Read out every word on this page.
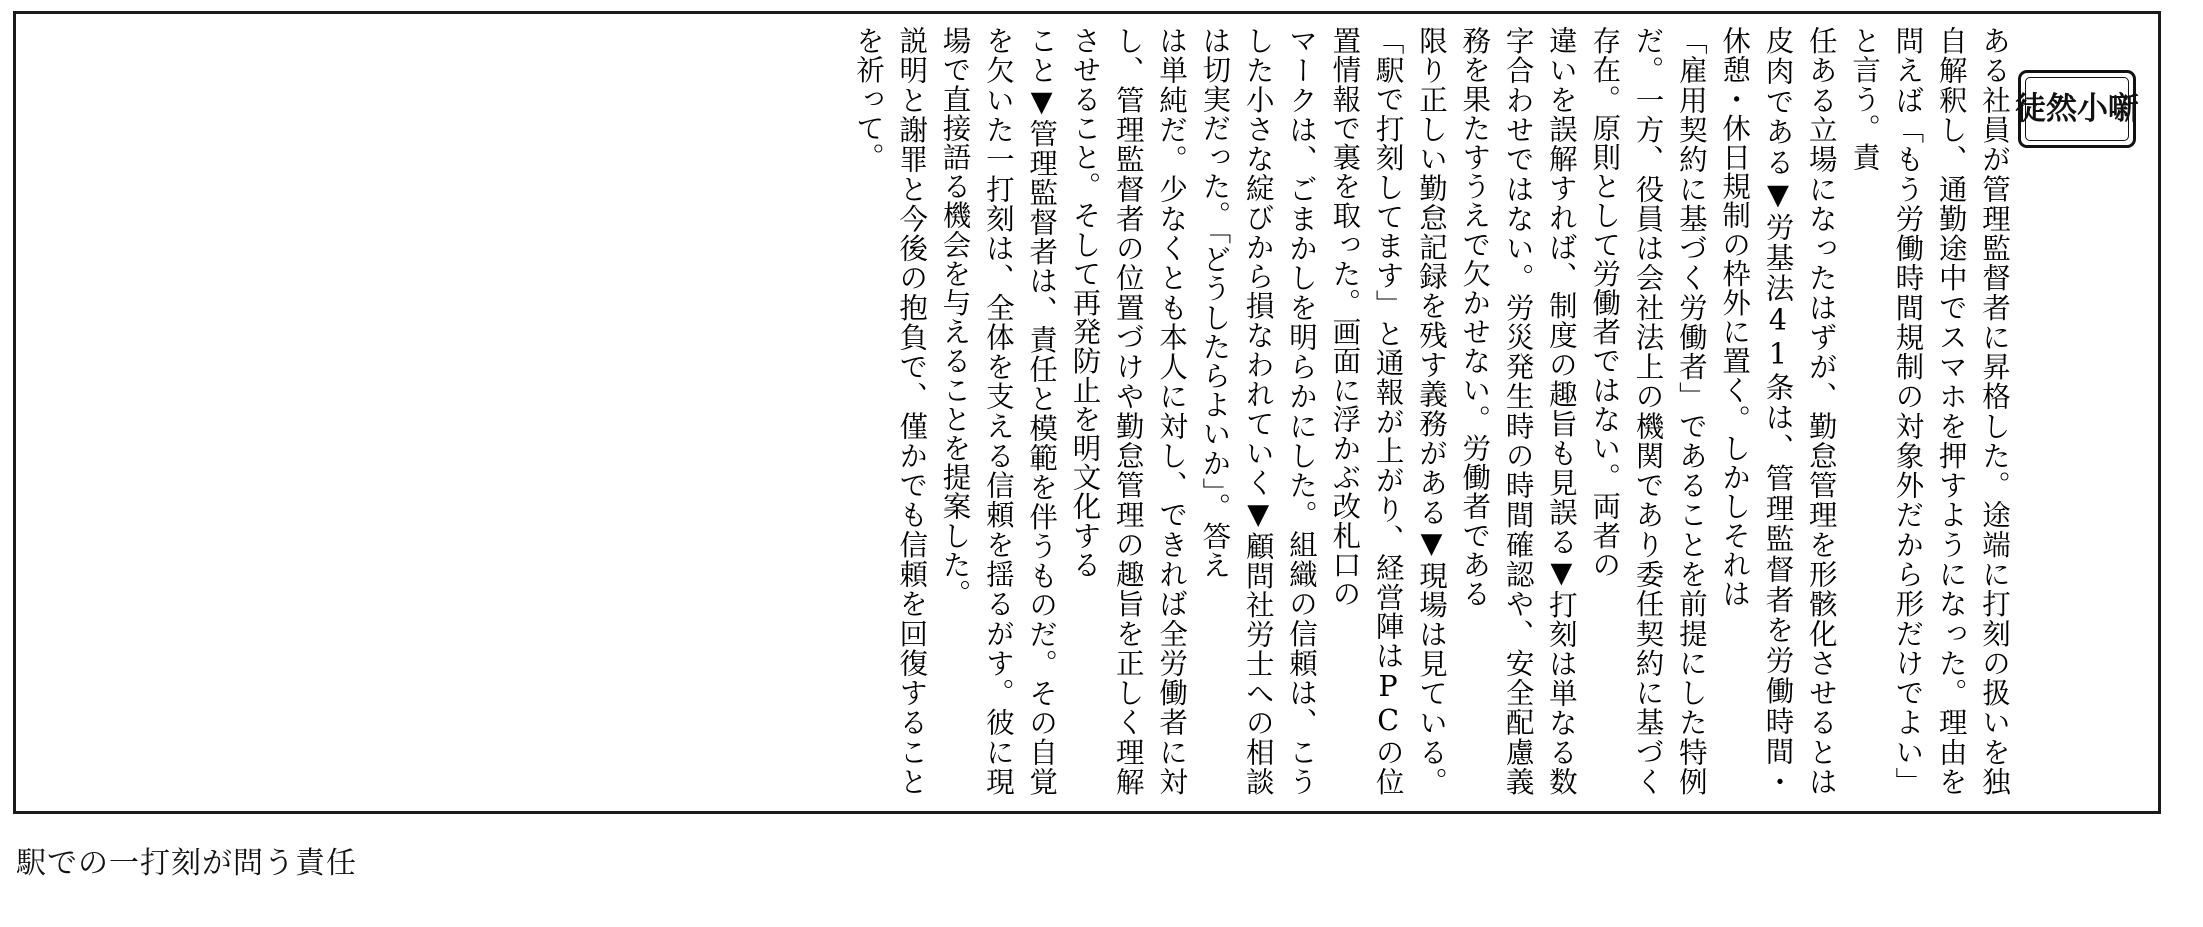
徒然小噺
ある社員が管理監督者に昇格した。途端に打刻の扱いを独自解釈し、通勤途中でスマホを押すようになった。理由を問えば「もう労働時間規制の対象外だから形だけでよい」と言う。責
任ある立場になったはずが、勤怠管理を形骸化させるとは皮肉である▼労基法41条は、管理監督者を労働時間・休憩・休日規制の枠外に置く。しかしそれは
「雇用契約に基づく労働者」であることを前提にした特例だ。一方、役員は会社法上の機関であり委任契約に基づく存在。原則として労働者ではない。両者の
違いを誤解すれば、制度の趣旨も見誤る▼打刻は単なる数字合わせではない。労災発生時の時間確認や、安全配慮義務を果たすうえで欠かせない。労働者である
限り正しい勤怠記録を残す義務がある▼現場は見ている。「駅で打刻してます」と通報が上がり、経営陣はPCの位置情報で裏を取った。画面に浮かぶ改札口の
マークは、ごまかしを明らかにした。組織の信頼は、こうした小さな綻びから損なわれていく▼顧問社労士への相談は切実だった。「どうしたらよいか」。答え
は単純だ。少なくとも本人に対し、できれば全労働者に対し、管理監督者の位置づけや勤怠管理の趣旨を正しく理解させること。そして再発防止を明文化する
こと▼管理監督者は、責任と模範を伴うものだ。その自覚を欠いた一打刻は、全体を支える信頼を揺るがす。彼に現場で直接語る機会を与えることを提案した。
説明と謝罪と今後の抱負で、僅かでも信頼を回復することを祈って。
駅での一打刻が問う責任
